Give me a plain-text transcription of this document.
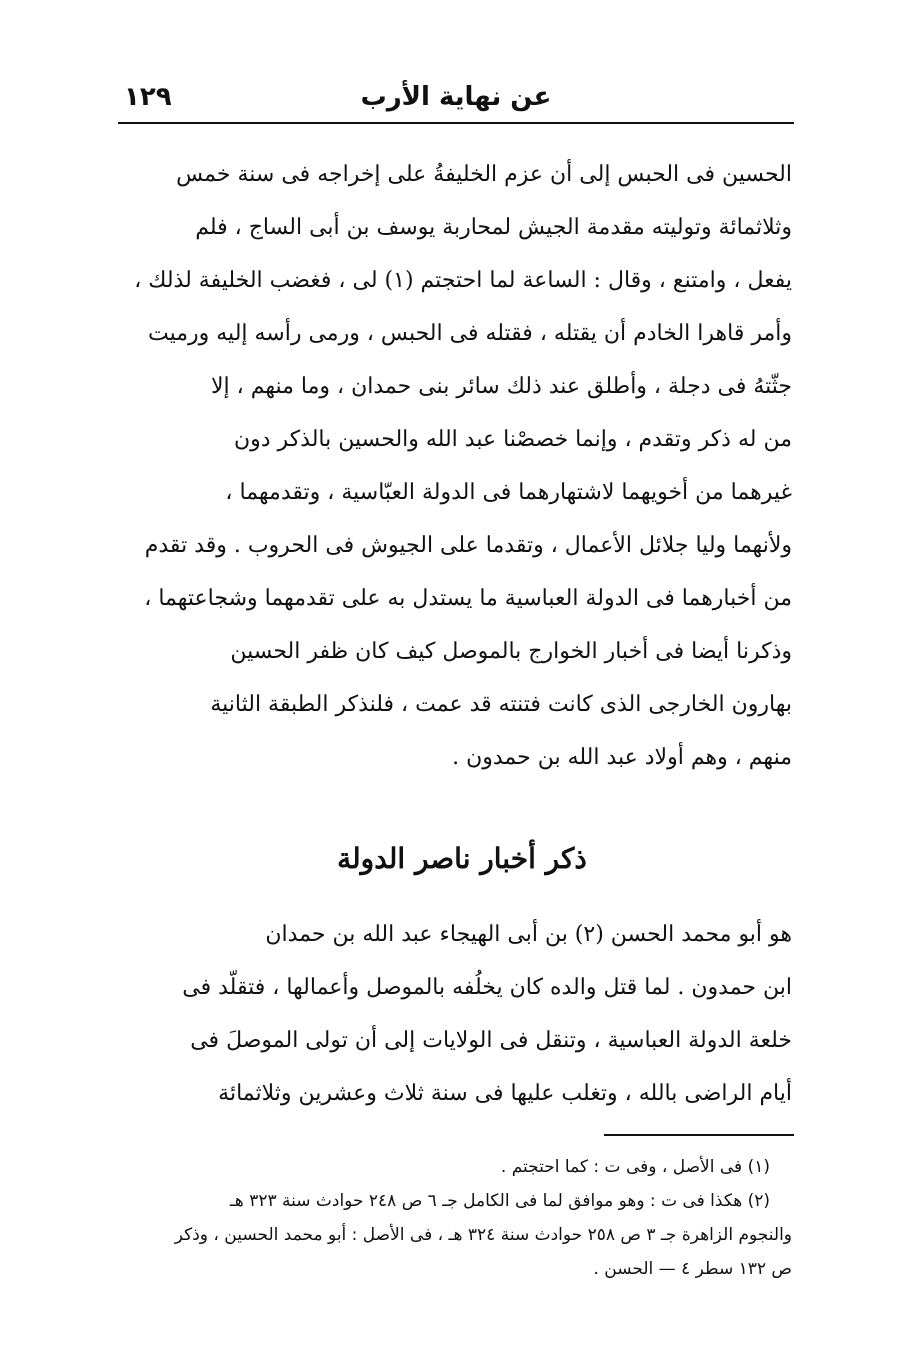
عن نهاية الأرب
١٢٩
الحسين فى الحبس إلى أن عزم الخليفةُ على إخراجه فى سنة خمس
وثلاثمائة وتوليته مقدمة الجيش لمحاربة يوسف بن أبى الساج ، فلم
يفعل ، وامتنع ، وقال : الساعة لما احتجتم (١) لى ، فغضب الخليفة لذلك ،
وأمر قاهرا الخادم أن يقتله ، فقتله فى الحبس ، ورمى رأسه إليه ورميت
جثّتهُ فى دجلة ، وأطلق عند ذلك سائر بنى حمدان ، وما منهم ، إلا
من له ذكر وتقدم ، وإنما خصصْنا عبد الله والحسين بالذكر دون
غيرهما من أخويهما لاشتهارهما فى الدولة العبّاسية ، وتقدمهما ،
ولأنهما وليا جلائل الأعمال ، وتقدما على الجيوش فى الحروب . وقد تقدم
من أخبارهما فى الدولة العباسية ما يستدل به على تقدمهما وشجاعتهما ،
وذكرنا أيضا فى أخبار الخوارج بالموصل كيف كان ظفر الحسين
بهارون الخارجى الذى كانت فتنته قد عمت ، فلنذكر الطبقة الثانية
منهم ، وهم أولاد عبد الله بن حمدون .
ذكر أخبار ناصر الدولة
هو أبو محمد الحسن (٢) بن أبى الهيجاء عبد الله بن حمدان
ابن حمدون . لما قتل والده كان يخلُفه بالموصل وأعمالها ، فتقلّد فى
خلعة الدولة العباسية ، وتنقل فى الولايات إلى أن تولى الموصلَ فى
أيام الراضى بالله ، وتغلب عليها فى سنة ثلاث وعشرين وثلاثمائة
(١) فى الأصل ، وفى ت : كما احتجتم .
(٢) هكذا فى ت : وهو موافق لما فى الكامل جـ ٦ ص ٢٤٨ حوادث سنة ٣٢٣ هـ
والنجوم الزاهرة جـ ٣ ص ٢٥٨ حوادث سنة ٣٢٤ هـ ، فى الأصل : أبو محمد الحسين ، وذكر
ص ١٣٢ سطر ٤ — الحسن .
